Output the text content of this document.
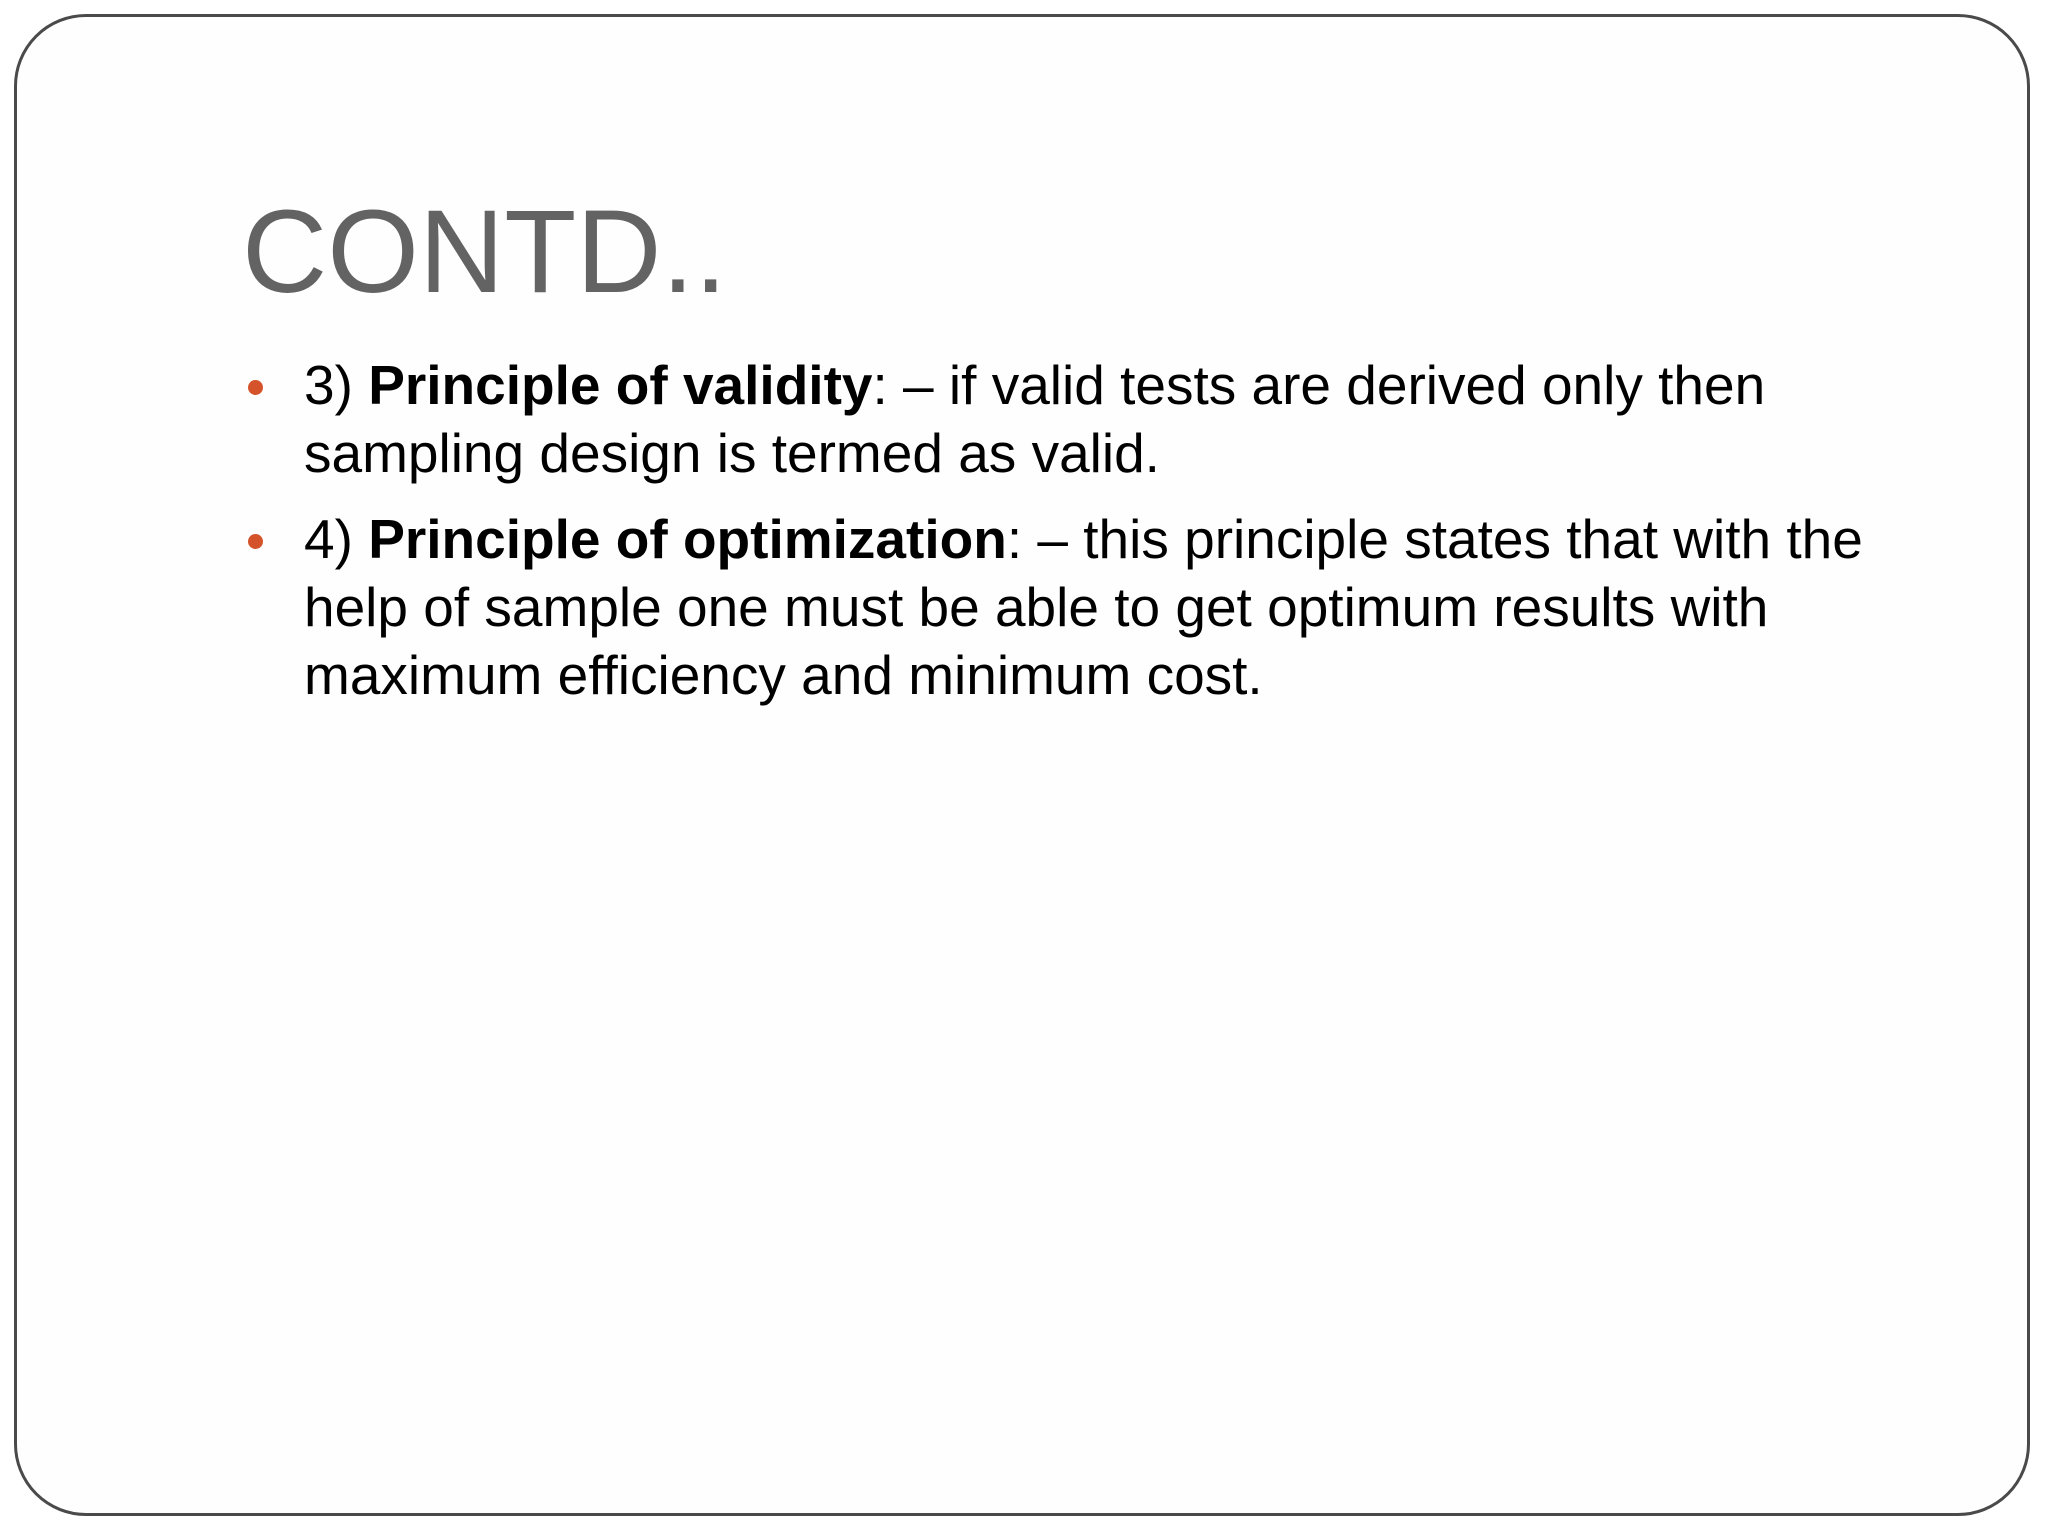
CONTD..
3) Principle of validity: – if valid tests are derived only then sampling design is termed as valid.
4) Principle of optimization: – this principle states that with the help of sample one must be able to get optimum results with maximum efficiency and minimum cost.
